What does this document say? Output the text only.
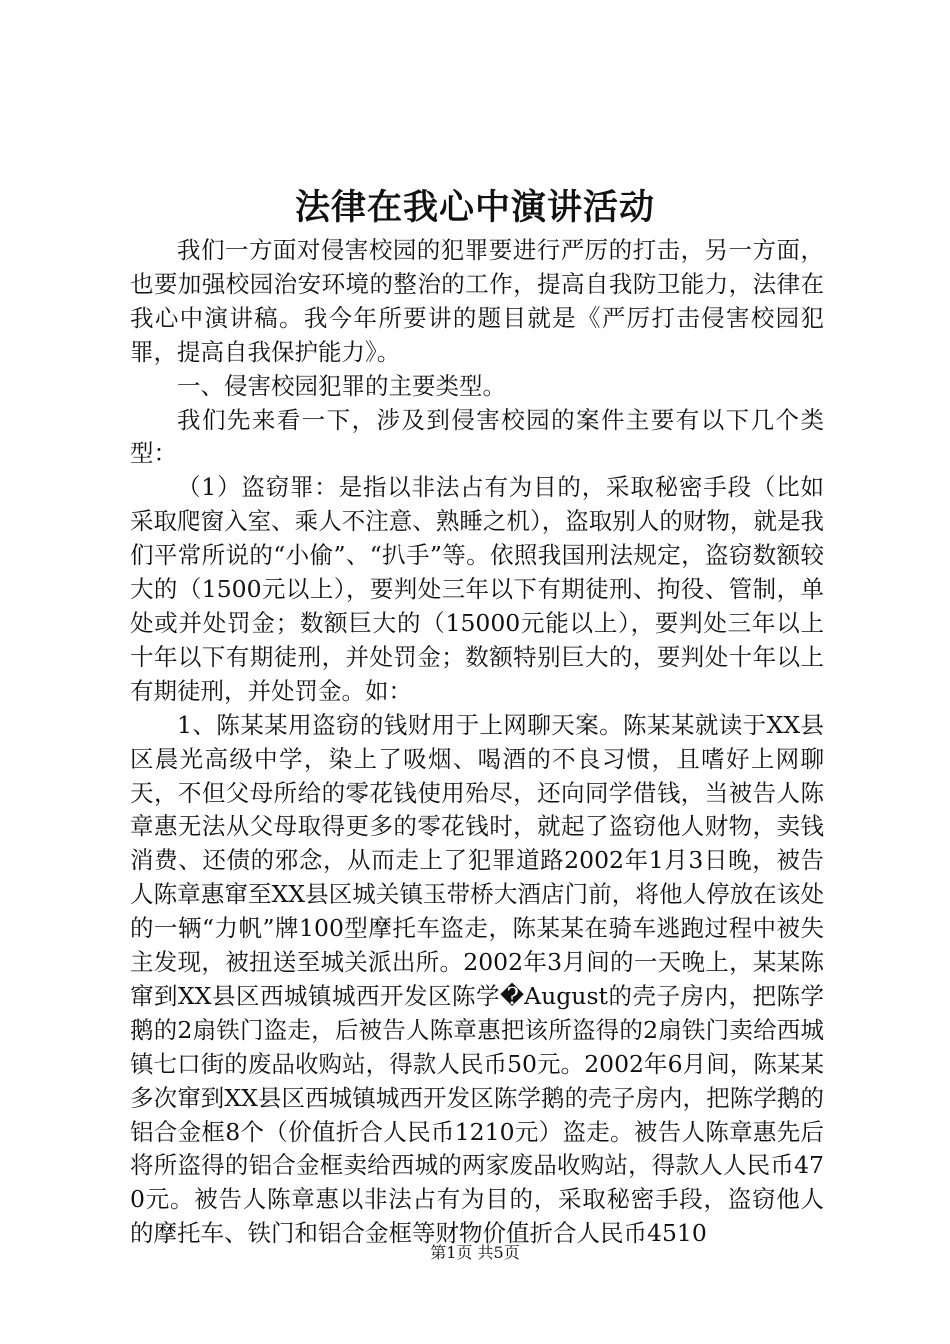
法律在我心中演讲活动

我们一方面对侵害校园的犯罪要进行严厉的打击，另一方面，也要加强校园治安环境的整治的工作，提高自我防卫能力，法律在我心中演讲稿。我今年所要讲的题目就是《严厉打击侵害校园犯罪，提高自我保护能力》。

一、侵害校园犯罪的主要类型。

我们先来看一下，涉及到侵害校园的案件主要有以下几个类型：

（1）盗窃罪：是指以非法占有为目的，采取秘密手段（比如采取爬窗入室、乘人不注意、熟睡之机），盗取别人的财物，就是我们平常所说的“小偷”、“扒手”等。依照我国刑法规定，盗窃数额较大的（1500元以上），要判处三年以下有期徒刑、拘役、管制，单处或并处罚金；数额巨大的（15000元能以上），要判处三年以上十年以下有期徒刑，并处罚金；数额特别巨大的，要判处十年以上有期徒刑，并处罚金。如：

1、陈某某用盗窃的钱财用于上网聊天案。陈某某就读于XX县区晨光高级中学，染上了吸烟、喝酒的不良习惯，且嗜好上网聊天，不但父母所给的零花钱使用殆尽，还向同学借钱，当被告人陈章惠无法从父母取得更多的零花钱时，就起了盗窃他人财物，卖钱消费、还债的邪念，从而走上了犯罪道路2002年1月3日晚，被告人陈章惠窜至XX县区城关镇玉带桥大酒店门前，将他人停放在该处的一辆“力帆”牌100型摩托车盗走，陈某某在骑车逃跑过程中被失主发现，被扭送至城关派出所。2002年3月间的一天晚上，某某陈窜到XX县区西城镇城西开发区陈学�August的壳子房内，把陈学鹅的2扇铁门盗走，后被告人陈章惠把该所盗得的2扇铁门卖给西城镇七口街的废品收购站，得款人民币50元。2002年6月间，陈某某多次窜到XX县区西城镇城西开发区陈学鹅的壳子房内，把陈学鹅的铝合金框8个（价值折合人民币1210元）盗走。被告人陈章惠先后将所盗得的铝合金框卖给西城的两家废品收购站，得款人人民币470元。被告人陈章惠以非法占有为目的，采取秘密手段，盗窃他人的摩托车、铁门和铝合金框等财物价值折合人民币4510

第1页 共5页
